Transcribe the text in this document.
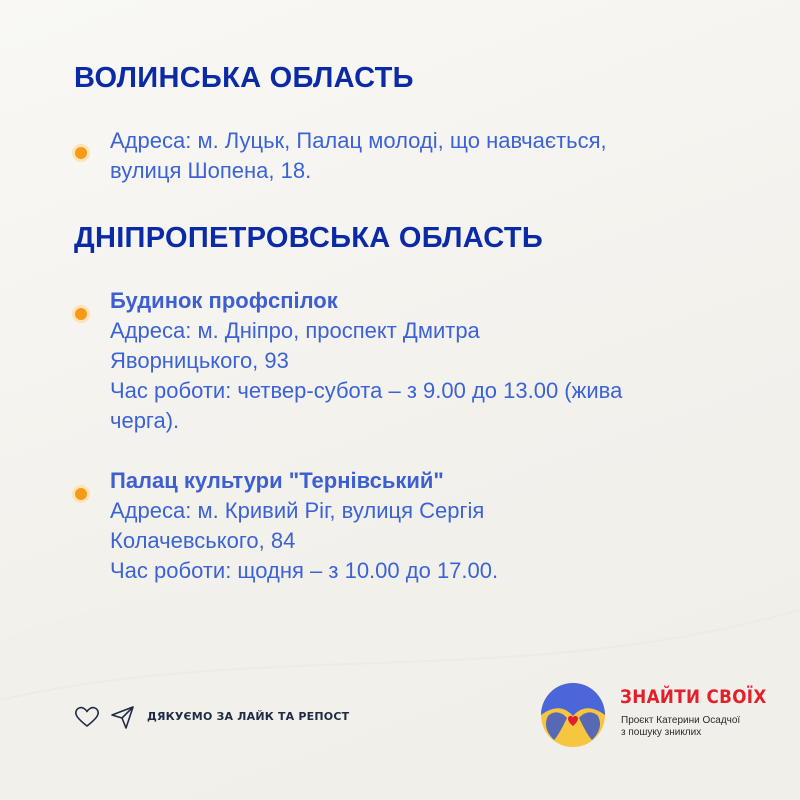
ВОЛИНСЬКА ОБЛАСТЬ
Адреса: м. Луцьк, Палац молоді, що навчається,
вулиця Шопена, 18.
ДНІПРОПЕТРОВСЬКА ОБЛАСТЬ
Будинок профспілок
Адреса: м. Дніпро, проспект Дмитра
Яворницького, 93
Час роботи: четвер-субота – з 9.00 до 13.00 (жива
черга).
Палац культури "Тернівський"
Адреса: м. Кривий Ріг, вулиця Сергія
Колачевського, 84
Час роботи: щодня – з 10.00 до 17.00.
ДЯКУЄМО ЗА ЛАЙК ТА РЕПОСТ
ЗНАЙТИ СВОЇХ
Проєкт Катерини Осадчої
з пошуку зниклих
